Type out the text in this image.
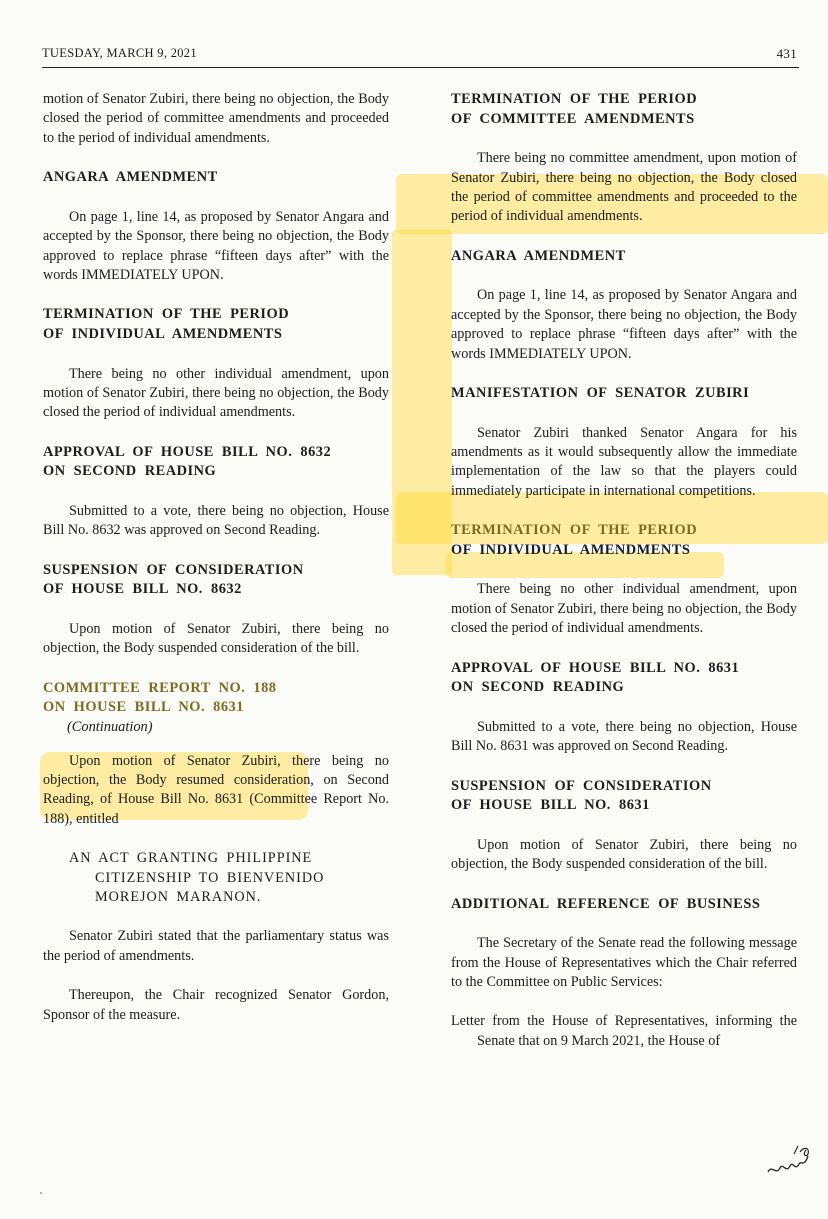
TUESDAY, MARCH 9, 2021	431

motion of Senator Zubiri, there being no objection, the Body closed the period of committee amendments and proceeded to the period of individual amendments.

ANGARA AMENDMENT

On page 1, line 14, as proposed by Senator Angara and accepted by the Sponsor, there being no objection, the Body approved to replace phrase “fifteen days after” with the words IMMEDIATELY UPON.

TERMINATION OF THE PERIOD
OF INDIVIDUAL AMENDMENTS

There being no other individual amendment, upon motion of Senator Zubiri, there being no objection, the Body closed the period of individual amendments.

APPROVAL OF HOUSE BILL NO. 8632
ON SECOND READING

Submitted to a vote, there being no objection, House Bill No. 8632 was approved on Second Reading.

SUSPENSION OF CONSIDERATION
OF HOUSE BILL NO. 8632

Upon motion of Senator Zubiri, there being no objection, the Body suspended consideration of the bill.

COMMITTEE REPORT NO. 188
ON HOUSE BILL NO. 8631
(Continuation)

Upon motion of Senator Zubiri, there being no objection, the Body resumed consideration, on Second Reading, of House Bill No. 8631 (Committee Report No. 188), entitled

AN ACT GRANTING PHILIPPINE

CITIZENSHIP TO BIENVENIDO
MOREJON MARANON.

Senator Zubiri stated that the parliamentary status was the period of amendments.

Thereupon, the Chair recognized Senator Gordon, Sponsor of the measure.

TERMINATION OF THE PERIOD
OF COMMITTEE AMENDMENTS

There being no committee amendment, upon motion of Senator Zubiri, there being no objection, the Body closed the period of committee amendments and proceeded to the period of individual amendments.

ANGARA AMENDMENT

On page 1, line 14, as proposed by Senator Angara and accepted by the Sponsor, there being no objection, the Body approved to replace phrase “fifteen days after” with the words IMMEDIATELY UPON.

MANIFESTATION OF SENATOR ZUBIRI

Senator Zubiri thanked Senator Angara for his amendments as it would subsequently allow the immediate implementation of the law so that the players could immediately participate in international competitions.

TERMINATION OF THE PERIOD
OF INDIVIDUAL AMENDMENTS

There being no other individual amendment, upon motion of Senator Zubiri, there being no objection, the Body closed the period of individual amendments.

APPROVAL OF HOUSE BILL NO. 8631
ON SECOND READING

Submitted to a vote, there being no objection, House Bill No. 8631 was approved on Second Reading.

SUSPENSION OF CONSIDERATION
OF HOUSE BILL NO. 8631

Upon motion of Senator Zubiri, there being no objection, the Body suspended consideration of the bill.

ADDITIONAL REFERENCE OF BUSINESS

The Secretary of the Senate read the following message from the House of Representatives which the Chair referred to the Committee on Public Services:

Letter from the House of Representatives, informing the Senate that on 9 March 2021, the House of
